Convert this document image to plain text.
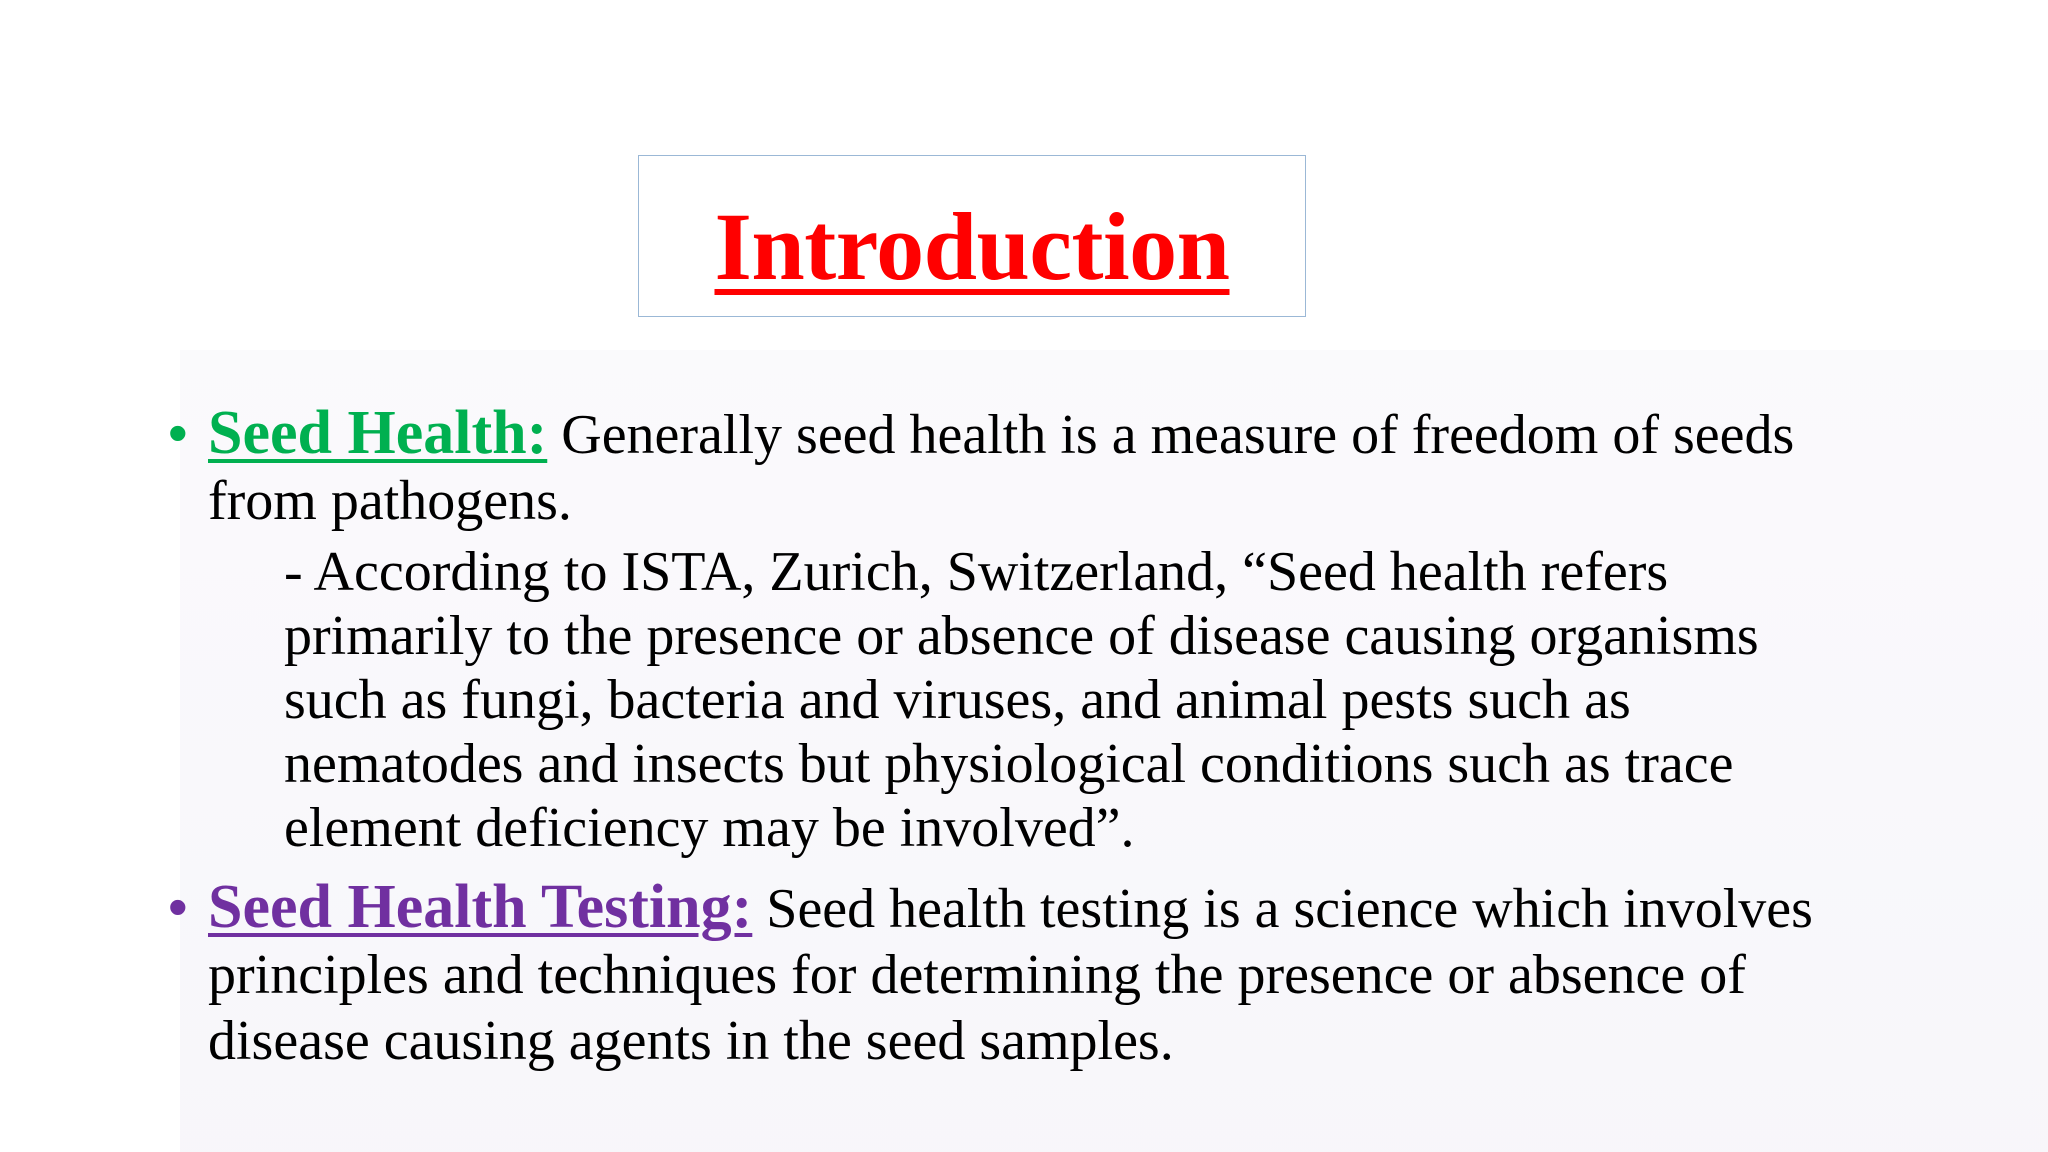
Introduction
• Seed Health: Generally seed health is a measure of freedom of seeds from pathogens.
- According to ISTA, Zurich, Switzerland, “Seed health refers primarily to the presence or absence of disease causing organisms such as fungi, bacteria and viruses, and animal pests such as nematodes and insects but physiological conditions such as trace element deficiency may be involved”.
• Seed Health Testing: Seed health testing is a science which involves principles and techniques for determining the presence or absence of disease causing agents in the seed samples.
